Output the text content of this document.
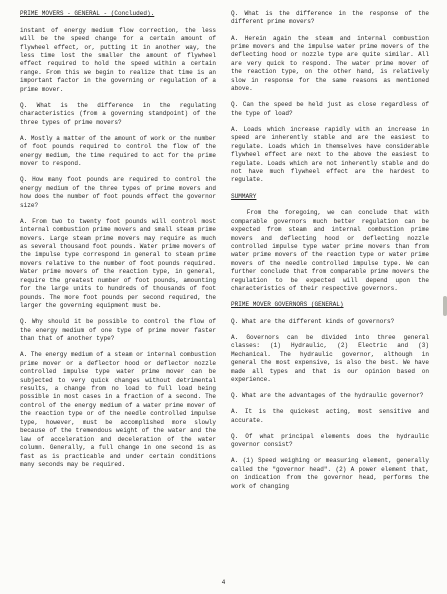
PRIME MOVERS - GENERAL - (Concluded).

instant of energy medium flow correction, the less will be the speed change for a certain amount of flywheel effect, or, putting it in another way, the less time lost the smaller the amount of flywheel effect required to hold the speed within a certain range. From this we begin to realize that time is an important factor in the governing or regulation of a prime mover.

Q. What is the difference in the regulating characteristics (from a governing standpoint) of the three types of prime movers?

A. Mostly a matter of the amount of work or the number of foot pounds required to control the flow of the energy medium, the time required to act for the prime mover to respond.

Q. How many foot pounds are required to control the energy medium of the three types of prime movers and how does the number of foot pounds effect the governor size?

A. From two to twenty foot pounds will control most internal combustion prime movers and small steam prime movers. Large steam prime movers may require as much as several thousand foot pounds. Water prime movers of the impulse type correspond in general to steam prime movers relative to the number of foot pounds required. Water prime movers of the reaction type, in general, require the greatest number of foot pounds, amounting for the large units to hundreds of thousands of foot pounds. The more foot pounds per second required, the larger the governing equipment must be.

Q. Why should it be possible to control the flow of the energy medium of one type of prime mover faster than that of another type?

A. The energy medium of a steam or internal combustion prime mover or a deflector hood or deflector nozzle controlled impulse type water prime mover can be subjected to very quick changes without detrimental results, a change from no load to full load being possible in most cases in a fraction of a second. The control of the energy medium of a water prime mover of the reaction type or of the needle controlled impulse type, however, must be accomplished more slowly because of the tremendous weight of the water and the law of acceleration and deceleration of the water column. Generally, a full change in one second is as fast as is practicable and under certain conditions many seconds may be required.

Q. What is the difference in the response of the different prime movers?

A. Herein again the steam and internal combustion prime movers and the impulse water prime movers of the deflecting hood or nozzle type are quite similar. All are very quick to respond. The water prime mover of the reaction type, on the other hand, is relatively slow in response for the same reasons as mentioned above.

Q. Can the speed be held just as close regardless of the type of load?

A. Loads which increase rapidly with an increase in speed are inherently stable and are the easiest to regulate. Loads which in themselves have considerable flywheel effect are next to the above the easiest to regulate. Loads which are not inherently stable and do not have much flywheel effect are the hardest to regulate.

SUMMARY

From the foregoing, we can conclude that with comparable governors much better regulation can be expected from steam and internal combustion prime movers and deflecting hood or deflecting nozzle controlled impulse type water prime movers than from water prime movers of the reaction type or water prime movers of the needle controlled impulse type. We can further conclude that from comparable prime movers the regulation to be expected will depend upon the characteristics of their respective governors.

PRIME MOVER GOVERNORS (GENERAL)

Q. What are the different kinds of governors?

A. Governors can be divided into three general classes: (1) Hydraulic, (2) Electric and (3) Mechanical. The hydraulic governor, although in general the most expensive, is also the best. We have made all types and that is our opinion based on experience.

Q. What are the advantages of the hydraulic governor?

A. It is the quickest acting, most sensitive and accurate.

Q. Of what principal elements does the hydraulic governor consist?

A. (1) Speed weighing or measuring element, generally called the "governor head". (2) A power element that, on indication from the governor head, performs the work of changing

4
